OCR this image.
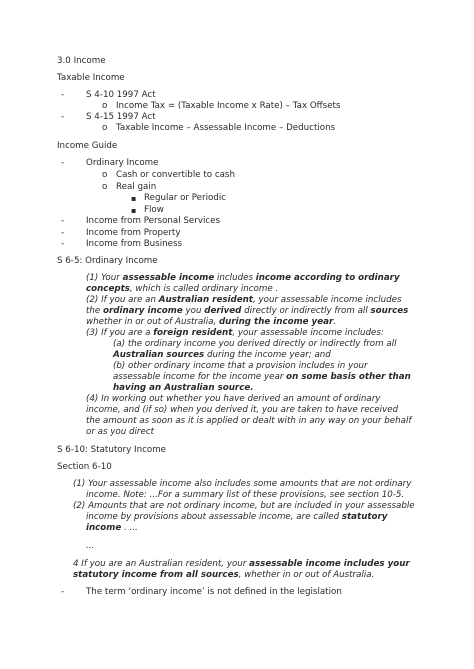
3.0 Income
Taxable Income
- S 4-10 1997 Act
o Income Tax = (Taxable Income x Rate) – Tax Offsets
- S 4-15 1997 Act
o Taxable Income – Assessable Income – Deductions
Income Guide
- Ordinary Income
o Cash or convertible to cash
o Real gain
▪ Regular or Periodic
▪ Flow
- Income from Personal Services
- Income from Property
- Income from Business
S 6-5: Ordinary Income
(1) Your assessable income includes income according to ordinary
concepts, which is called ordinary income .
(2) If you are an Australian resident, your assessable income includes
the ordinary income you derived directly or indirectly from all sources
whether in or out of Australia, during the income year.
(3) If you are a foreign resident, your assessable income includes:
(a) the ordinary income you derived directly or indirectly from all
Australian sources during the income year; and
(b) other ordinary income that a provision includes in your
assessable income for the income year on some basis other than
having an Australian source.
(4) In working out whether you have derived an amount of ordinary
income, and (if so) when you derived it, you are taken to have received
the amount as soon as it is applied or dealt with in any way on your behalf
or as you direct
S 6-10: Statutory Income
Section 6-10
(1) Your assessable income also includes some amounts that are not ordinary
income. Note: ...For a summary list of these provisions, see section 10-5.
(2) Amounts that are not ordinary income, but are included in your assessable
income by provisions about assessable income, are called statutory
income . ...
...
4 If you are an Australian resident, your assessable income includes your
statutory income from all sources, whether in or out of Australia.
- The term ‘ordinary income’ is not defined in the legislation
